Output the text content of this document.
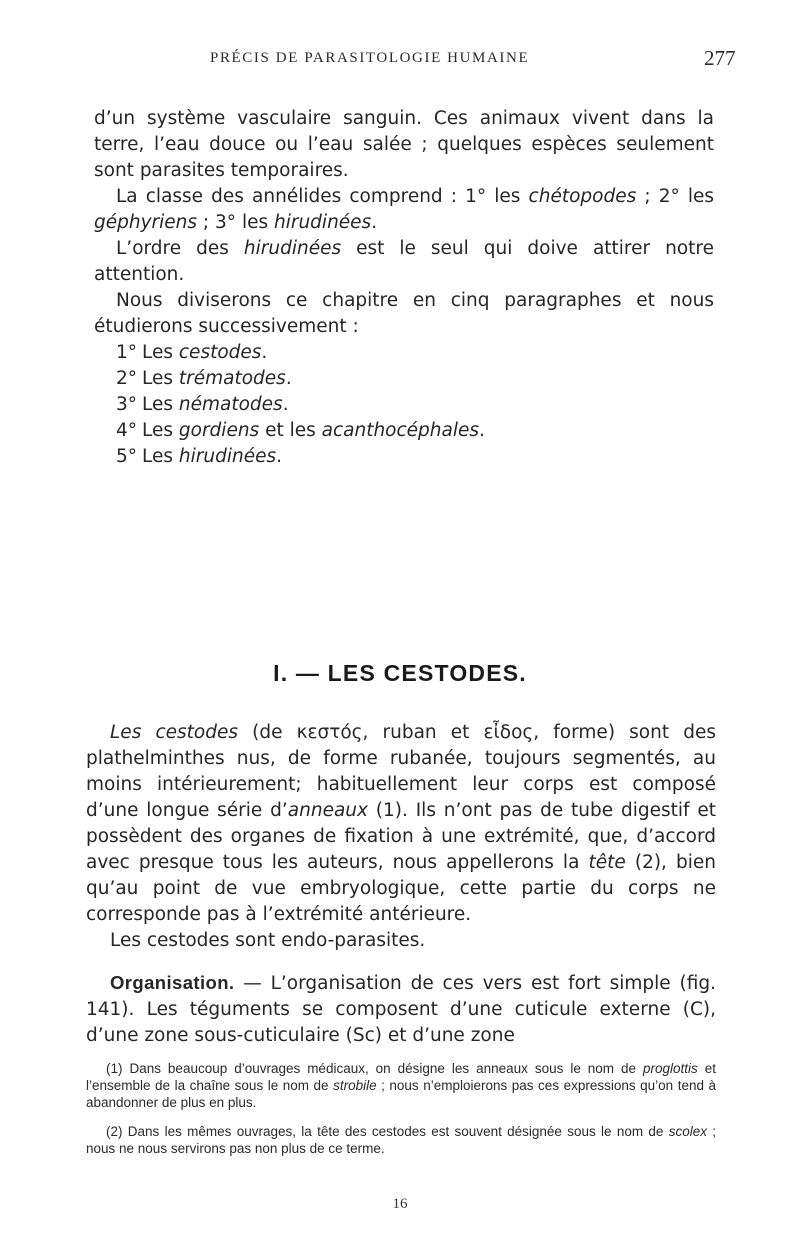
PRÉCIS DE PARASITOLOGIE HUMAINE	277

d’un système vasculaire sanguin. Ces animaux vivent dans la terre, l’eau douce ou l’eau salée ; quelques espèces seulement sont parasites temporaires.

La classe des annélides comprend : 1° les chétopodes ; 2° les géphyriens ; 3° les hirudinées.

L’ordre des hirudinées est le seul qui doive attirer notre attention.

Nous diviserons ce chapitre en cinq paragraphes et nous étudierons successivement :

1° Les cestodes.
2° Les trématodes.
3° Les nématodes.
4° Les gordiens et les acanthocéphales.
5° Les hirudinées.
I. — LES CESTODES.

Les cestodes (de κεστός, ruban et εἶδος, forme) sont des plathelminthes nus, de forme rubanée, toujours segmentés, au moins intérieurement; habituellement leur corps est composé d’une longue série d’anneaux (1). Ils n’ont pas de tube digestif et possèdent des organes de fixation à une extrémité, que, d’accord avec presque tous les auteurs, nous appellerons la tête (2), bien qu’au point de vue embryologique, cette partie du corps ne corresponde pas à l’extrémité antérieure.

Les cestodes sont endo-parasites.

Organisation. — L’organisation de ces vers est fort simple (fig. 141). Les téguments se composent d’une cuticule externe (C), d’une zone sous-cuticulaire (Sc) et d’une zone

(1) Dans beaucoup d’ouvrages médicaux, on désigne les anneaux sous le nom de proglottis et l’ensemble de la chaîne sous le nom de strobile ; nous n’emploierons pas ces expressions qu’on tend à abandonner de plus en plus.

(2) Dans les mêmes ouvrages, la tête des cestodes est souvent désignée sous le nom de scolex ; nous ne nous servirons pas non plus de ce terme.

16
